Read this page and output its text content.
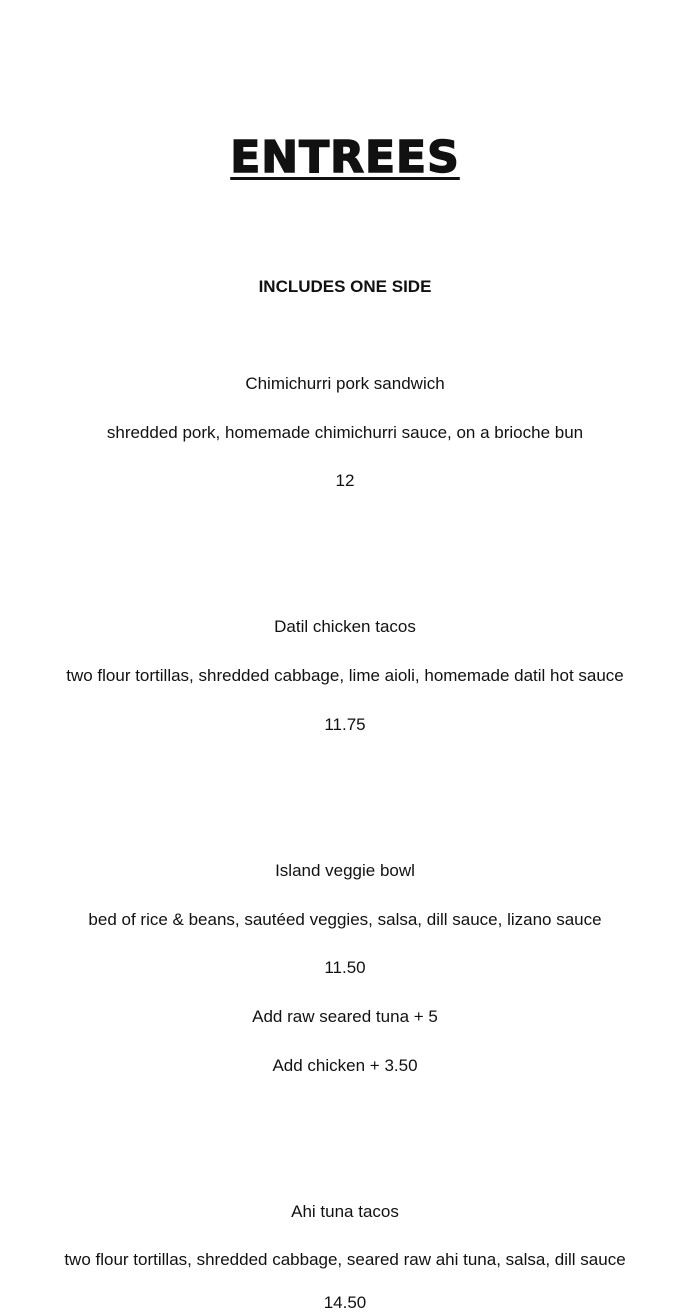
ENTREES

INCLUDES ONE SIDE

Chimichurri pork sandwich

shredded pork, homemade chimichurri sauce, on a brioche bun

12

Datil chicken tacos

two flour tortillas, shredded cabbage, lime aioli, homemade datil hot sauce

11.75

Island veggie bowl

bed of rice & beans, sautéed veggies, salsa, dill sauce, lizano sauce

11.50

Add raw seared tuna + 5

Add chicken + 3.50

Ahi tuna tacos

two flour tortillas, shredded cabbage, seared raw ahi tuna, salsa, dill sauce

14.50
